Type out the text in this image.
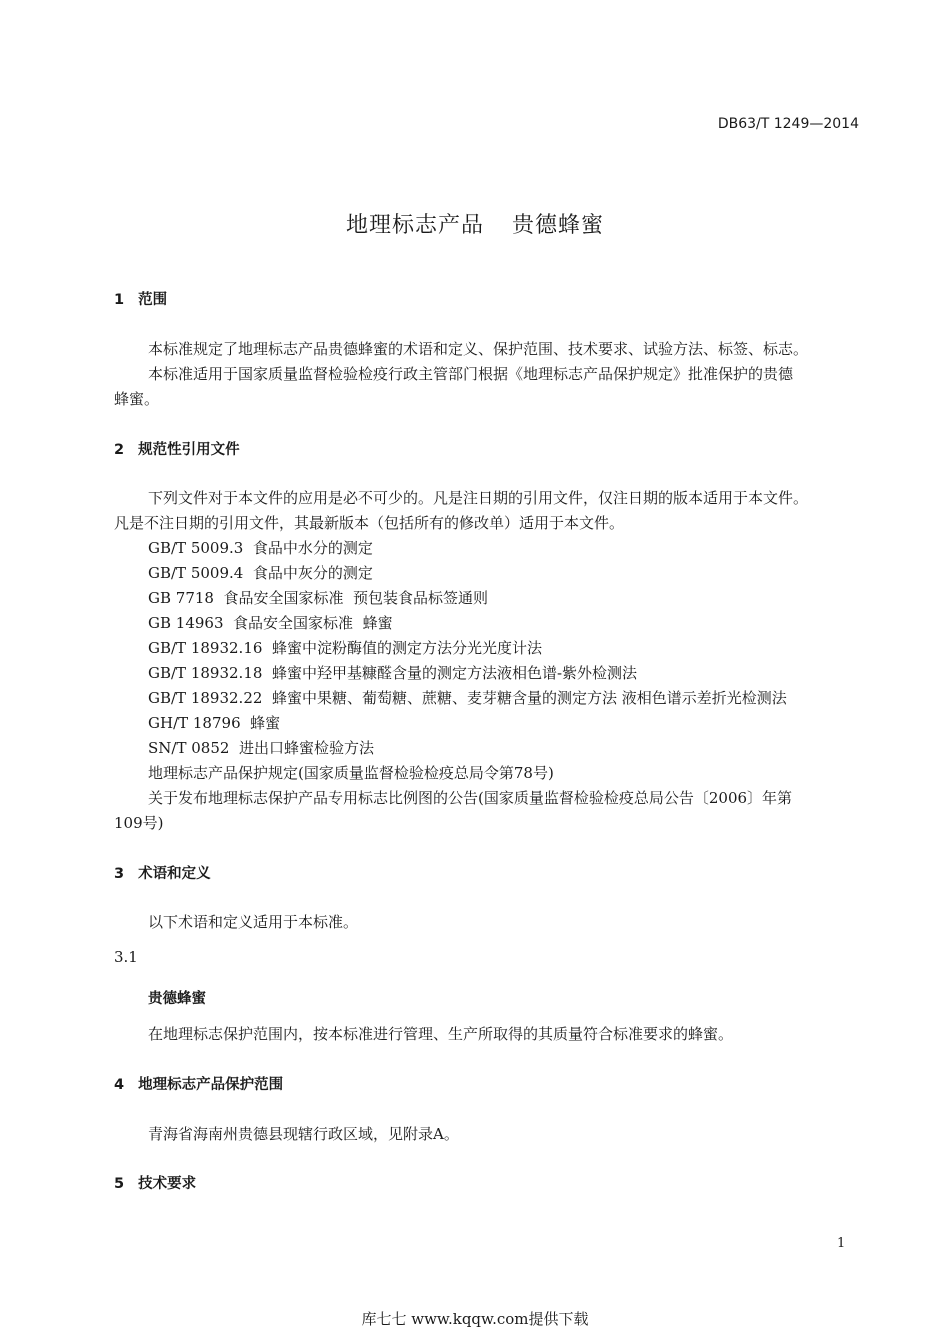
DB63/T 1249—2014
地理标志产品 贵德蜂蜜
1 范围
本标准规定了地理标志产品贵德蜂蜜的术语和定义、保护范围、技术要求、试验方法、标签、标志。
本标准适用于国家质量监督检验检疫行政主管部门根据《地理标志产品保护规定》批准保护的贵德
蜂蜜。
2 规范性引用文件
下列文件对于本文件的应用是必不可少的。凡是注日期的引用文件，仅注日期的版本适用于本文件。
凡是不注日期的引用文件，其最新版本（包括所有的修改单）适用于本文件。
GB/T 5009.3  食品中水分的测定
GB/T 5009.4  食品中灰分的测定
GB 7718  食品安全国家标准  预包装食品标签通则
GB 14963  食品安全国家标准  蜂蜜
GB/T 18932.16  蜂蜜中淀粉酶值的测定方法分光光度计法
GB/T 18932.18  蜂蜜中羟甲基糠醛含量的测定方法液相色谱-紫外检测法
GB/T 18932.22  蜂蜜中果糖、葡萄糖、蔗糖、麦芽糖含量的测定方法 液相色谱示差折光检测法
GH/T 18796  蜂蜜
SN/T 0852  进出口蜂蜜检验方法
地理标志产品保护规定(国家质量监督检验检疫总局令第78号)
关于发布地理标志保护产品专用标志比例图的公告(国家质量监督检验检疫总局公告〔2006〕年第
109号)
3 术语和定义
以下术语和定义适用于本标准。
3.1
贵德蜂蜜
在地理标志保护范围内，按本标准进行管理、生产所取得的其质量符合标准要求的蜂蜜。
4 地理标志产品保护范围
青海省海南州贵德县现辖行政区域，见附录A。
5 技术要求
1
库七七 www.kqqw.com提供下载
